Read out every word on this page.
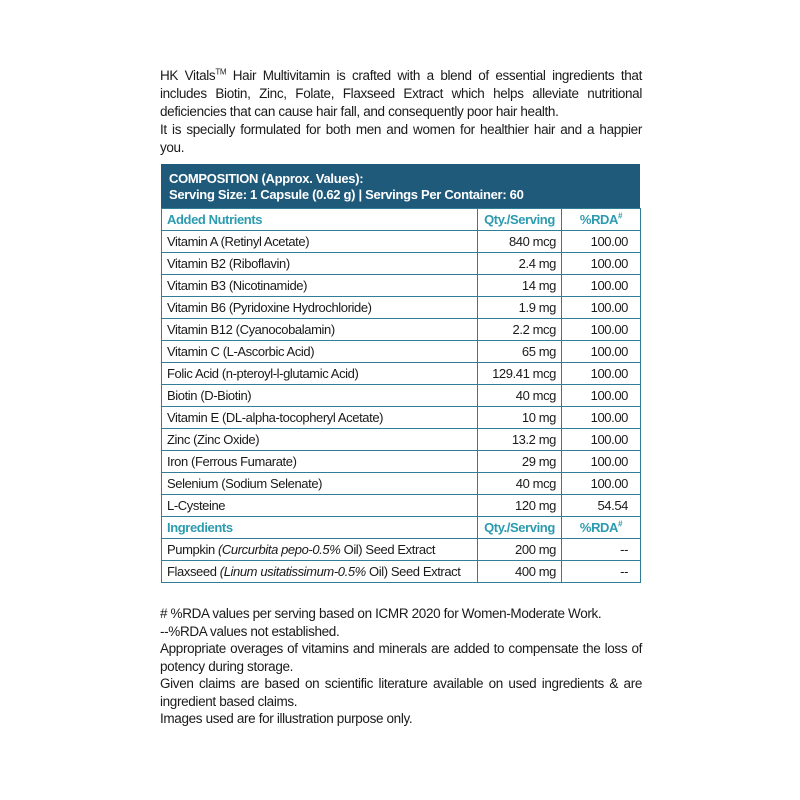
HK Vitals™ Hair Multivitamin is crafted with a blend of essential ingredients that includes Biotin, Zinc, Folate, Flaxseed Extract which helps alleviate nutritional deficiencies that can cause hair fall, and consequently poor hair health.

It is specially formulated for both men and women for healthier hair and a happier you.

COMPOSITION (Approx. Values):
Serving Size: 1 Capsule (0.62 g) | Servings Per Container: 60
Added Nutrients	Qty./Serving	%RDA#
Vitamin A (Retinyl Acetate)	840 mcg	100.00
Vitamin B2 (Riboflavin)	2.4 mg	100.00
Vitamin B3 (Nicotinamide)	14 mg	100.00
Vitamin B6 (Pyridoxine Hydrochloride)	1.9 mg	100.00
Vitamin B12 (Cyanocobalamin)	2.2 mcg	100.00
Vitamin C (L-Ascorbic Acid)	65 mg	100.00
Folic Acid (n-pteroyl-l-glutamic Acid)	129.41 mcg	100.00
Biotin (D-Biotin)	40 mcg	100.00
Vitamin E (DL-alpha-tocopheryl Acetate)	10 mg	100.00
Zinc (Zinc Oxide)	13.2 mg	100.00
Iron (Ferrous Fumarate)	29 mg	100.00
Selenium (Sodium Selenate)	40 mcg	100.00
L-Cysteine	120 mg	54.54
Ingredients	Qty./Serving	%RDA#
Pumpkin (Curcurbita pepo-0.5% Oil) Seed Extract	200 mg	--
Flaxseed (Linum usitatissimum-0.5% Oil) Seed Extract	400 mg	--

# %RDA values per serving based on ICMR 2020 for Women-Moderate Work.

--%RDA values not established.

Appropriate overages of vitamins and minerals are added to compensate the loss of potency during storage.

Given claims are based on scientific literature available on used ingredients & are ingredient based claims.

Images used are for illustration purpose only.
